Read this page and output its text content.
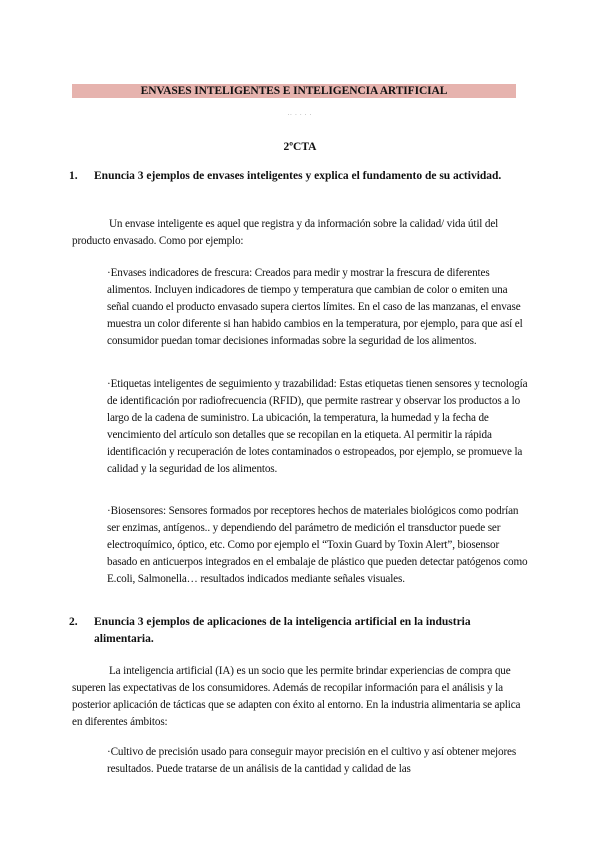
ENVASES INTELIGENTES E INTELIGENCIA ARTIFICIAL
·· · · · ·
2ºCTA
1. Enuncia 3 ejemplos de envases inteligentes y explica el fundamento de su actividad.
Un envase inteligente es aquel que registra y da información sobre la calidad/ vida útil del producto envasado. Como por ejemplo:
·Envases indicadores de frescura: Creados para medir y mostrar la frescura de diferentes alimentos. Incluyen indicadores de tiempo y temperatura que cambian de color o emiten una señal cuando el producto envasado supera ciertos límites. En el caso de las manzanas, el envase muestra un color diferente si han habido cambios en la temperatura, por ejemplo, para que así el consumidor puedan tomar decisiones informadas sobre la seguridad de los alimentos.
·Etiquetas inteligentes de seguimiento y trazabilidad: Estas etiquetas tienen sensores y tecnología de identificación por radiofrecuencia (RFID), que permite rastrear y observar los productos a lo largo de la cadena de suministro. La ubicación, la temperatura, la humedad y la fecha de vencimiento del artículo son detalles que se recopilan en la etiqueta. Al permitir la rápida identificación y recuperación de lotes contaminados o estropeados, por ejemplo, se promueve la calidad y la seguridad de los alimentos.
·Biosensores: Sensores formados por receptores hechos de materiales biológicos como podrían ser enzimas, antígenos.. y dependiendo del parámetro de medición el transductor puede ser electroquímico, óptico, etc. Como por ejemplo el “Toxin Guard by Toxin Alert”, biosensor basado en anticuerpos integrados en el embalaje de plástico que pueden detectar patógenos como E.coli, Salmonella… resultados indicados mediante señales visuales.
2. Enuncia 3 ejemplos de aplicaciones de la inteligencia artificial en la industria alimentaria.
La inteligencia artificial (IA) es un socio que les permite brindar experiencias de compra que superen las expectativas de los consumidores. Además de recopilar información para el análisis y la posterior aplicación de tácticas que se adapten con éxito al entorno. En la industria alimentaria se aplica en diferentes ámbitos:
·Cultivo de precisión usado para conseguir mayor precisión en el cultivo y así obtener mejores resultados. Puede tratarse de un análisis de la cantidad y calidad de las
